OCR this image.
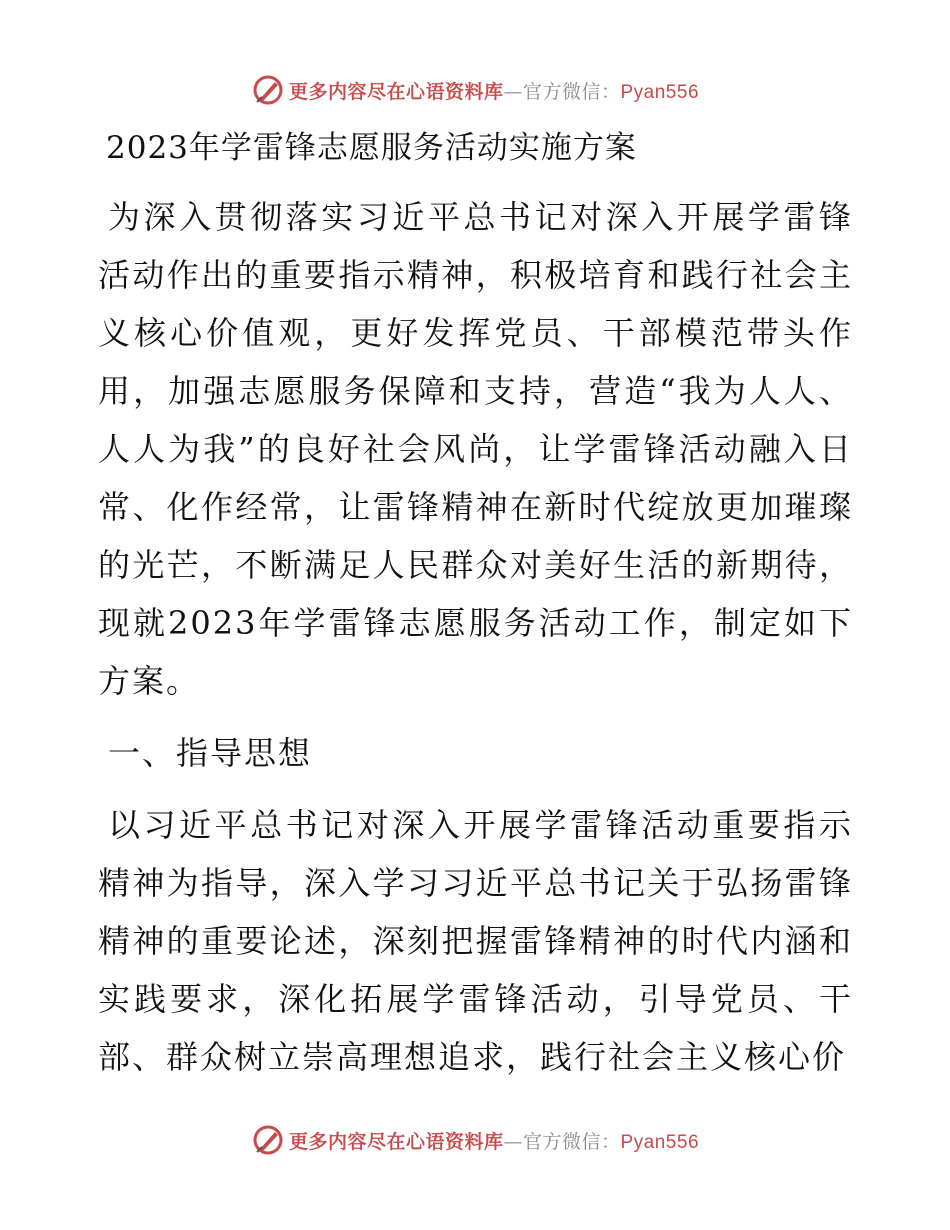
更多内容尽在心语资料库—官方微信：Pyan556
2023年学雷锋志愿服务活动实施方案

为深入贯彻落实习近平总书记对深入开展学雷锋活动作出的重要指示精神，积极培育和践行社会主义核心价值观，更好发挥党员、干部模范带头作用，加强志愿服务保障和支持，营造“我为人人、人人为我”的良好社会风尚，让学雷锋活动融入日常、化作经常，让雷锋精神在新时代绽放更加璀璨的光芒，不断满足人民群众对美好生活的新期待，现就2023年学雷锋志愿服务活动工作，制定如下方案。

一、指导思想

以习近平总书记对深入开展学雷锋活动重要指示精神为指导，深入学习习近平总书记关于弘扬雷锋精神的重要论述，深刻把握雷锋精神的时代内涵和实践要求，深化拓展学雷锋活动，引导党员、干部、群众树立崇高理想追求，践行社会主义核心价

更多内容尽在心语资料库—官方微信：Pyan556
